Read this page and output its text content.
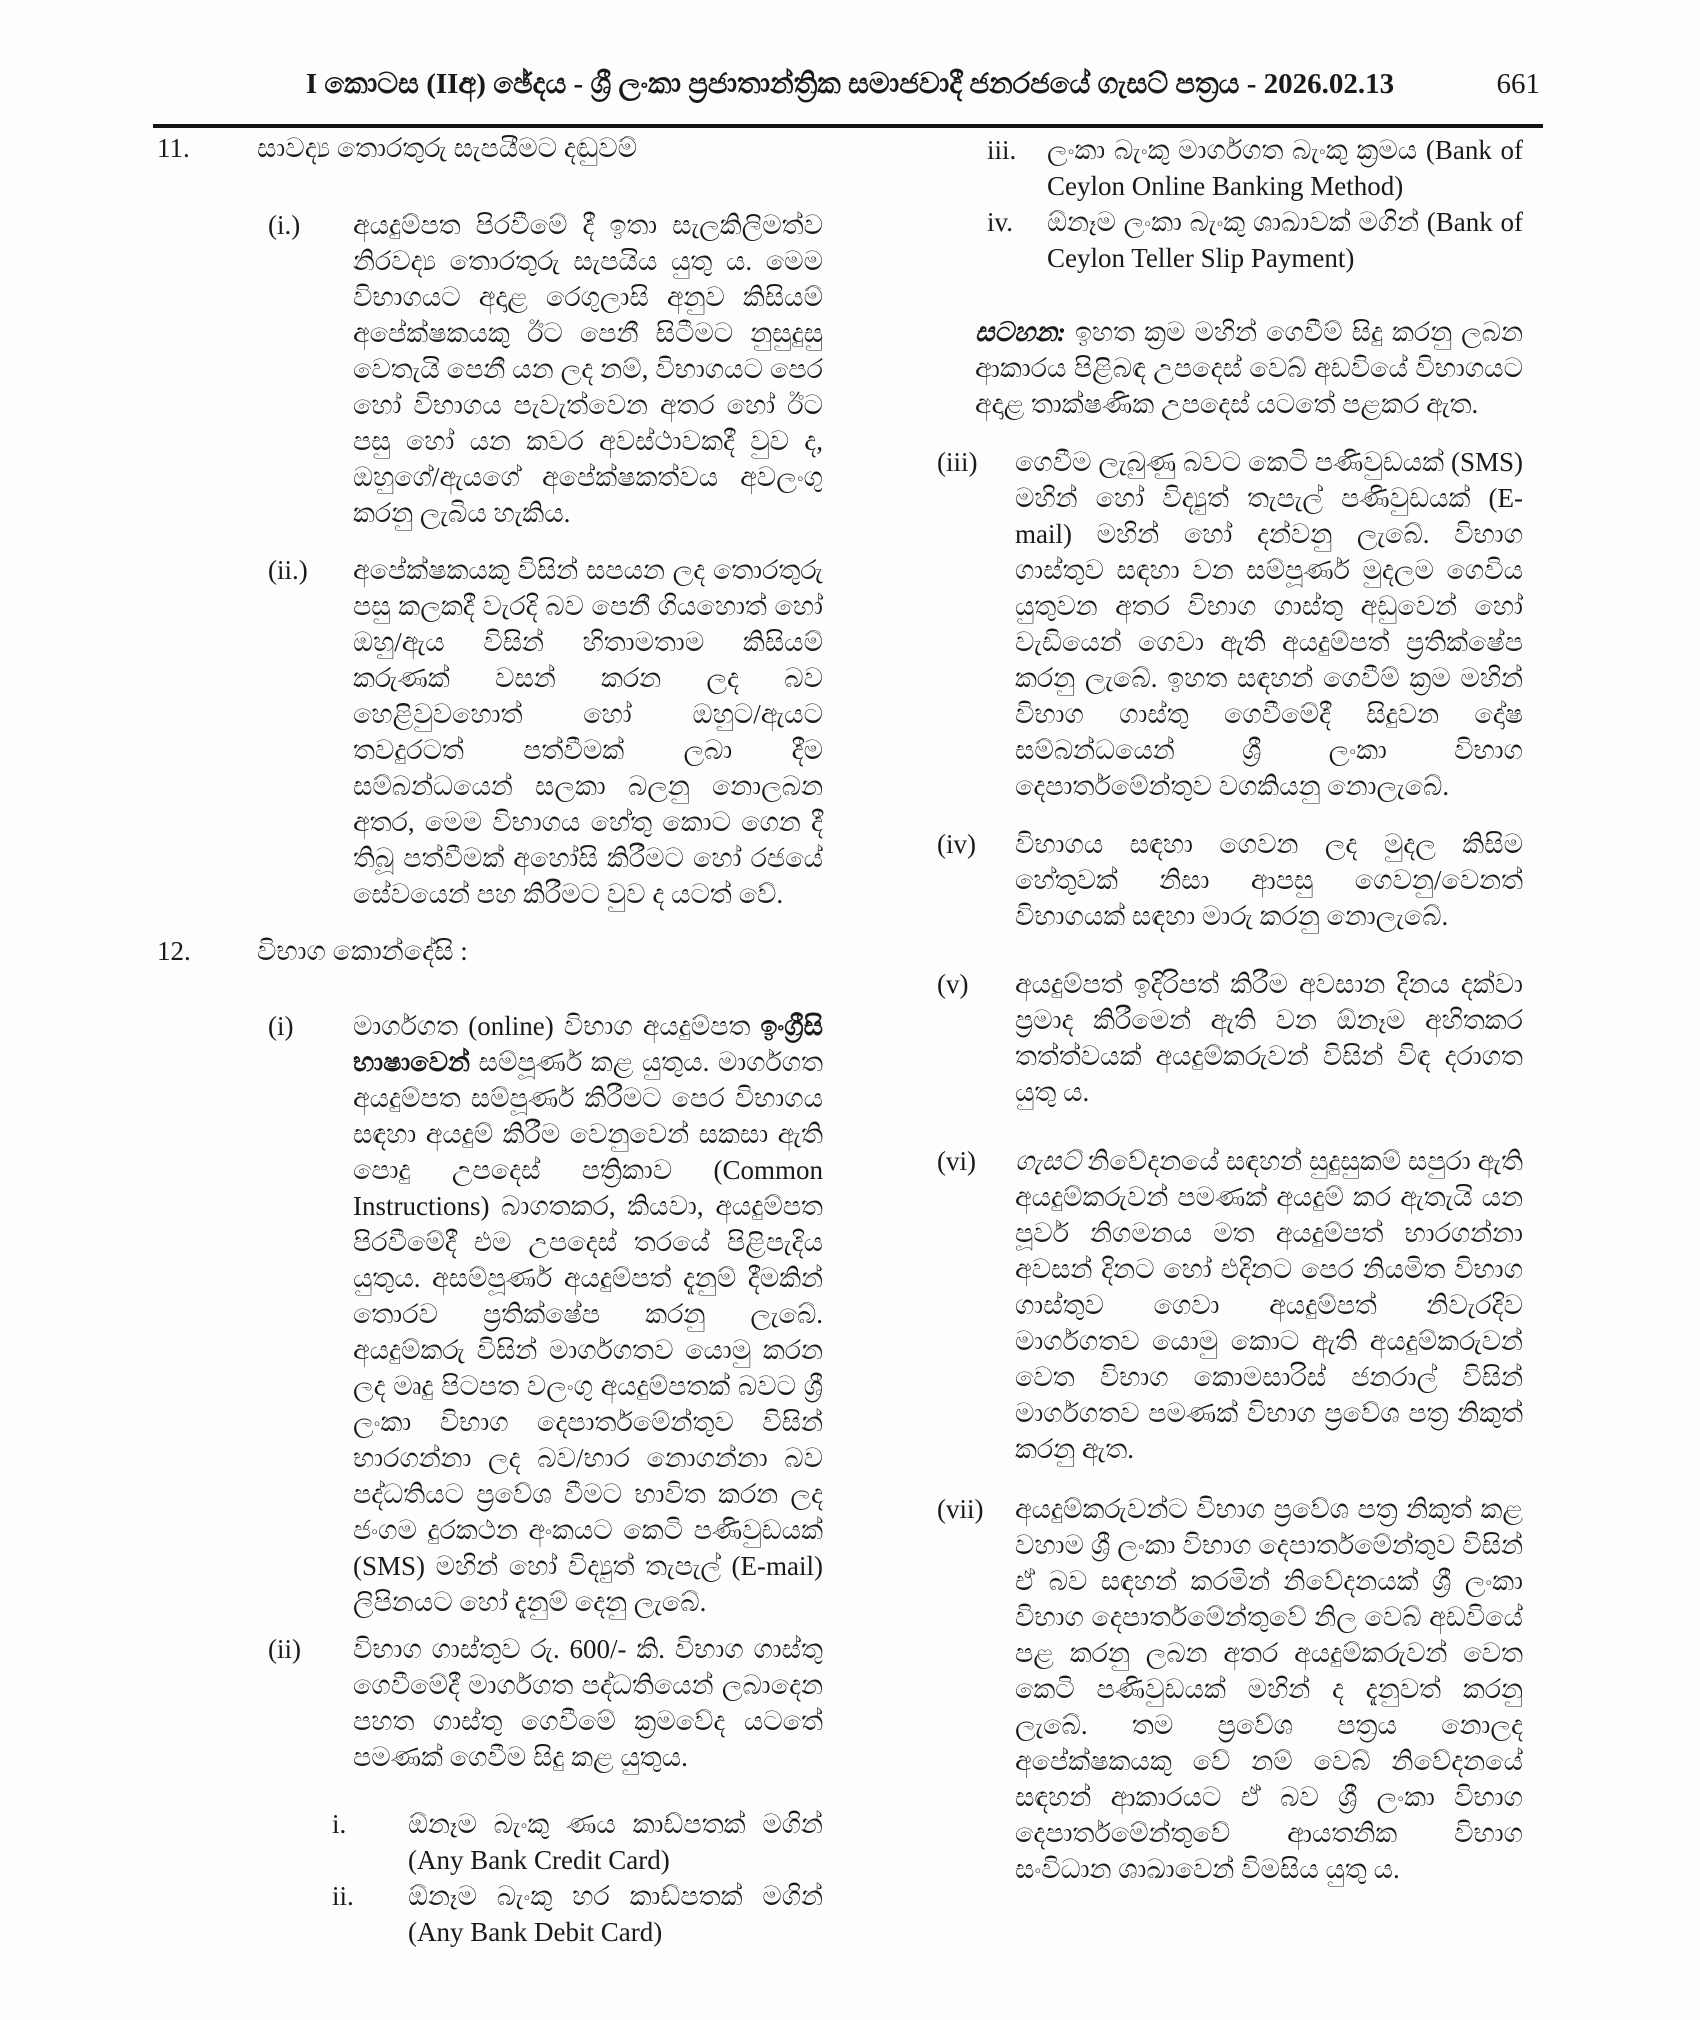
I කොටස (IIඅ) ඡේදය - ශ්‍රී ලංකා ප්‍රජාතාන්ත්‍රික සමාජවාදී ජනරජයේ ගැසට් පත්‍රය - 2026.02.13	661
11.	සාවද්‍ය තොරතුරු සැපයීමට දඬුවම්
(i.)	අයදුම්පත පිරවීමේ දී ඉතා සැලකිලිමත්ව නිරවද්‍ය තොරතුරු සැපයිය යුතු ය. මෙම විභාගයට අදාළ රෙගුලාසි අනුව කිසියම් අපේක්ෂකයකු ඊට පෙනී සිටීමට නුසුදුසු වෙතැයි පෙනී යන ලද නම්, විභාගයට පෙර හෝ විභාගය පැවැත්වෙන අතර හෝ ඊට පසු හෝ යන කවර අවස්ථාවකදී වුව ද, ඔහුගේ/ඇයගේ අපේක්ෂකත්වය අවලංගු කරනු ලැබිය හැකිය.
(ii.)	අපේක්ෂකයකු විසින් සපයන ලද තොරතුරු පසු කලකදී වැරදි බව පෙනී ගියහොත් හෝ ඔහු/ඇය විසින් හිතාමතාම කිසියම් කරුණක් වසන් කරන ලද බව හෙළිවුවහොත් හෝ ඔහුට/ඇයට තවදුරටත් පත්වීමක් ලබා දීම සම්බන්ධයෙන් සලකා බලනු නොලබන අතර, මෙම විභාගය හේතු කොට ගෙන දී තිබූ පත්වීමක් අහෝසි කිරීමට හෝ රජයේ සේවයෙන් පහ කිරීමට වුව ද යටත් වේ.
12.	විභාග කොන්දේසි :
(i)	මාර්ගගත (online) විභාග අයදුම්පත ඉංග්‍රීසි භාෂාවෙන් සම්පූර්ණ කළ යුතුය. මාර්ගගත අයදුම්පත සම්පූර්ණ කිරීමට පෙර විභාගය සඳහා අයදුම් කිරීම වෙනුවෙන් සකසා ඇති පොදු උපදෙස් පත්‍රිකාව (Common Instructions) බාගතකර, කියවා, අයදුම්පත පිරවීමේදී එම උපදෙස් තරයේ පිළිපැදිය යුතුය. අසම්පූර්ණ අයදුම්පත් දැනුම් දීමකින් තොරව ප්‍රතික්ෂේප කරනු ලැබේ. අයදුම්කරු විසින් මාර්ගගතව යොමු කරන ලද මෘදු පිටපත වලංගු අයදුම්පතක් බවට ශ්‍රී ලංකා විභාග දෙපාර්තමේන්තුව විසින් භාරගන්නා ලද බව/භාර නොගන්නා බව පද්ධතියට ප්‍රවේශ වීමට භාවිත කරන ලද ජංගම දුරකථන අංකයට කෙටි පණිවුඩයක් (SMS) මහින් හෝ විද්‍යුත් තැපැල් (E-mail) ලිපිනයට හෝ දැනුම් දෙනු ලැබේ.
(ii)	විභාග ගාස්තුව රු. 600/- කි. විභාග ගාස්තු ගෙවීමේදී මාර්ගගත පද්ධතියෙන් ලබාදෙන පහත ගාස්තු ගෙවීමේ ක්‍රමවේද යටතේ පමණක් ගෙවීම සිදු කළ යුතුය.
i.	ඕනෑම බැංකු ණය කාඩ්පතක් මගින් (Any Bank Credit Card)
ii.	ඕනෑම බැංකු හර කාඩ්පතක් මගින් (Any Bank Debit Card)
iii.	ලංකා බැංකු මාර්ගගත බැංකු ක්‍රමය (Bank of Ceylon Online Banking Method)
iv.	ඕනෑම ලංකා බැංකු ශාඛාවක් මගින් (Bank of Ceylon Teller Slip Payment)
සටහන: ඉහත ක්‍රම මහින් ගෙවීම් සිදු කරනු ලබන ආකාරය පිළිබඳ උපදෙස් වෙබ් අඩවියේ විභාගයට අදාළ තාක්ෂණික උපදෙස් යටතේ පළකර ඇත.
(iii)	ගෙවීම ලැබුණු බවට කෙටි පණිවුඩයක් (SMS) මහින් හෝ විද්‍යුත් තැපැල් පණිවුඩයක් (E-mail) මහින් හෝ දන්වනු ලැබේ. විභාග ගාස්තුව සඳහා වන සම්පූර්ණ මුදලම ගෙවිය යුතුවන අතර විභාග ගාස්තු අඩුවෙන් හෝ වැඩියෙන් ගෙවා ඇති අයදුම්පත් ප්‍රතික්ෂේප කරනු ලැබේ. ඉහත සඳහන් ගෙවීම් ක්‍රම මහින් විභාග ගාස්තු ගෙවීමේදී සිදුවන දෝෂ සම්බන්ධයෙන් ශ්‍රී ලංකා විභාග දෙපාර්තමේන්තුව වගකියනු නොලැබේ.
(iv)	විභාගය සඳහා ගෙවන ලද මුදල කිසිම හේතුවක් නිසා ආපසු ගෙවනු/වෙනත් විභාගයක් සඳහා මාරු කරනු නොලැබේ.
(v)	අයදුම්පත් ඉදිරිපත් කිරීම අවසාන දිනය දක්වා ප්‍රමාද කිරීමෙන් ඇති වන ඕනෑම අහිතකර තත්ත්වයක් අයදුම්කරුවන් විසින් විඳ දරාගත යුතු ය.
(vi)	ගැසට් නිවේදනයේ සඳහන් සුදුසුකම් සපුරා ඇති අයදුම්කරුවන් පමණක් අයදුම් කර ඇතැයි යන පූර්ව නිගමනය මත අයදුම්පත් භාරගන්නා අවසන් දිනට හෝ එදිනට පෙර නියමිත විභාග ගාස්තුව ගෙවා අයදුම්පත් නිවැරදිව මාර්ගගතව යොමු කොට ඇති අයදුම්කරුවන් වෙත විභාග කොමසාරිස් ජනරාල් විසින් මාර්ගගතව පමණක් විභාග ප්‍රවේශ පත්‍ර නිකුත් කරනු ඇත.
(vii)	අයදුම්කරුවන්ට විභාග ප්‍රවේශ පත්‍ර නිකුත් කළ වහාම ශ්‍රී ලංකා විභාග දෙපාර්තමේන්තුව විසින් ඒ බව සඳහන් කරමින් නිවේදනයක් ශ්‍රී ලංකා විභාග දෙපාර්තමේන්තුවේ නිල වෙබ් අඩවියේ පළ කරනු ලබන අතර අයදුම්කරුවන් වෙත කෙටි පණිවුඩයක් මහින් ද දැනුවත් කරනු ලැබේ. තම ප්‍රවේශ පත්‍රය නොලද අපේක්ෂකයකු වේ නම් වෙබ් නිවේදනයේ සඳහන් ආකාරයට ඒ බව ශ්‍රී ලංකා විභාග දෙපාර්තමේන්තුවේ ආයතනික විභාග සංවිධාන ශාඛාවෙන් විමසිය යුතු ය.
